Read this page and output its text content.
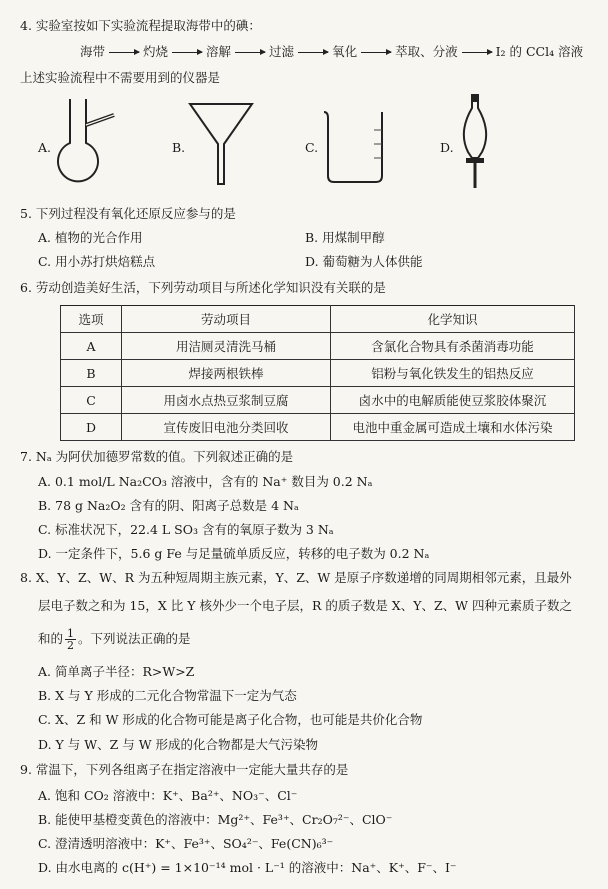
4. 实验室按如下实验流程提取海带中的碘：
海带	灼烧	溶解	过滤	氧化	萃取、分液	I₂ 的 CCl₄ 溶液
上述实验流程中不需要用到的仪器是
A.	B.	C.	D.
5. 下列过程没有氧化还原反应参与的是
A. 植物的光合作用	B. 用煤制甲醇
C. 用小苏打烘焙糕点	D. 葡萄糖为人体供能
6. 劳动创造美好生活，下列劳动项目与所述化学知识没有关联的是
选项	劳动项目	化学知识
A	用洁厕灵清洗马桶	含氯化合物具有杀菌消毒功能
B	焊接两根铁棒	铝粉与氧化铁发生的铝热反应
C	用卤水点热豆浆制豆腐	卤水中的电解质能使豆浆胶体聚沉
D	宣传废旧电池分类回收	电池中重金属可造成土壤和水体污染
7. Nₐ 为阿伏加德罗常数的值。下列叙述正确的是
A. 0.1 mol/L Na₂CO₃ 溶液中，含有的 Na⁺ 数目为 0.2 Nₐ
B. 78 g Na₂O₂ 含有的阴、阳离子总数是 4 Nₐ
C. 标准状况下，22.4 L SO₃ 含有的氧原子数为 3 Nₐ
D. 一定条件下，5.6 g Fe 与足量硫单质反应，转移的电子数为 0.2 Nₐ
8. X、Y、Z、W、R 为五种短周期主族元素，Y、Z、W 是原子序数递增的同周期相邻元素，且最外
层电子数之和为 15，X 比 Y 核外少一个电子层，R 的质子数是 X、Y、Z、W 四种元素质子数之
和的 $\frac{1}{2}$ 。下列说法正确的是
A. 简单离子半径：R>W>Z
B. X 与 Y 形成的二元化合物常温下一定为气态
C. X、Z 和 W 形成的化合物可能是离子化合物，也可能是共价化合物
D. Y 与 W、Z 与 W 形成的化合物都是大气污染物
9. 常温下，下列各组离子在指定溶液中一定能大量共存的是
A. 饱和 CO₂ 溶液中：K⁺、Ba²⁺、NO₃⁻、Cl⁻
B. 能使甲基橙变黄色的溶液中：Mg²⁺、Fe³⁺、Cr₂O₇²⁻、ClO⁻
C. 澄清透明溶液中：K⁺、Fe³⁺、SO₄²⁻、Fe(CN)₆³⁻
D. 由水电离的 c(H⁺) = 1×10⁻¹⁴ mol · L⁻¹ 的溶液中：Na⁺、K⁺、F⁻、I⁻
